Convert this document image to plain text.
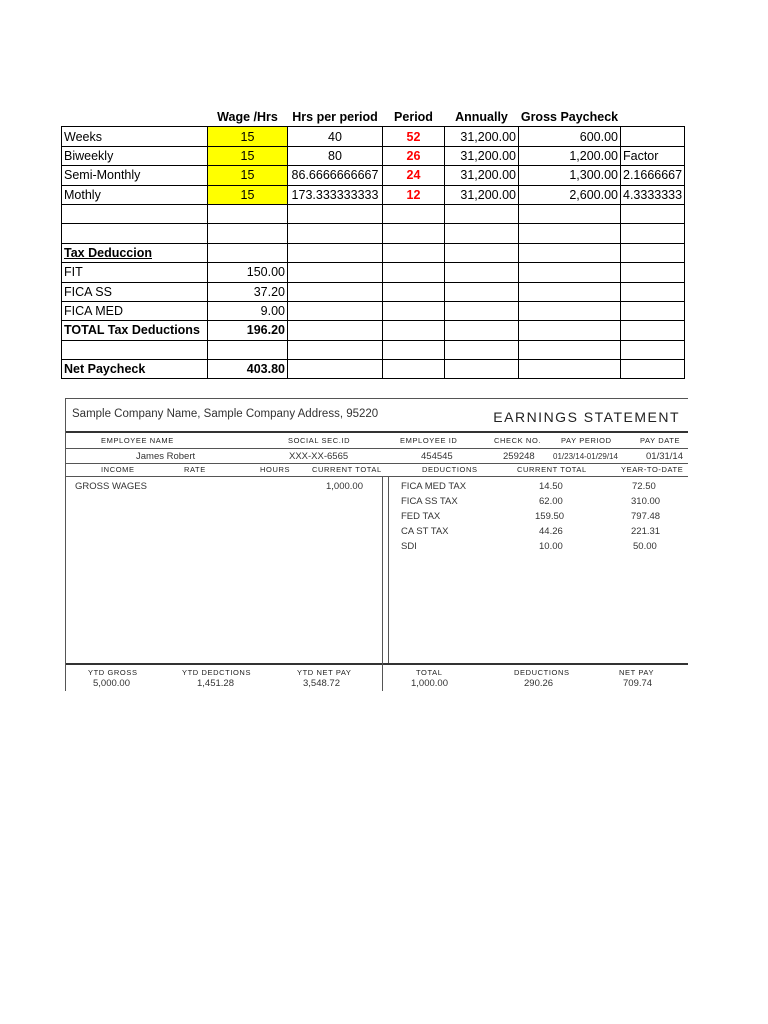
	Wage /Hrs	Hrs per period	Period	Annually	Gross Paycheck	
Weeks	15	40	52	31,200.00	600.00	
Biweekly	15	80	26	31,200.00	1,200.00	Factor
Semi-Monthly	15	86.6666666667	24	31,200.00	1,300.00	2.1666667
Mothly	15	173.333333333	12	31,200.00	2,600.00	4.3333333

Tax Deduccion						
FIT	150.00					
FICA SS	37.20					
FICA MED	9.00					
TOTAL Tax Deductions	196.20					

Net Paycheck	403.80					
Sample Company Name, Sample Company Address, 95220	EARNINGS STATEMENT
EMPLOYEE NAME	SOCIAL SEC.ID	EMPLOYEE ID	CHECK NO.	PAY PERIOD	PAY DATE
James Robert	XXX-XX-6565	454545	259248 01/23/14-01/29/14	01/31/14
INCOME	RATE	HOURS	CURRENT TOTAL	DEDUCTIONS	CURRENT TOTAL	YEAR-TO-DATE
GROSS WAGES	1,000.00	FICA MED TAX	14.50	72.50
FICA SS TAX	62.00	310.00
FED TAX	159.50	797.48
CA ST TAX	44.26	221.31
SDI	10.00	50.00
YTD GROSS	YTD DEDCTIONS	YTD NET PAY	TOTAL	DEDUCTIONS	NET PAY
5,000.00	1,451.28	3,548.72	1,000.00	290.26	709.74
